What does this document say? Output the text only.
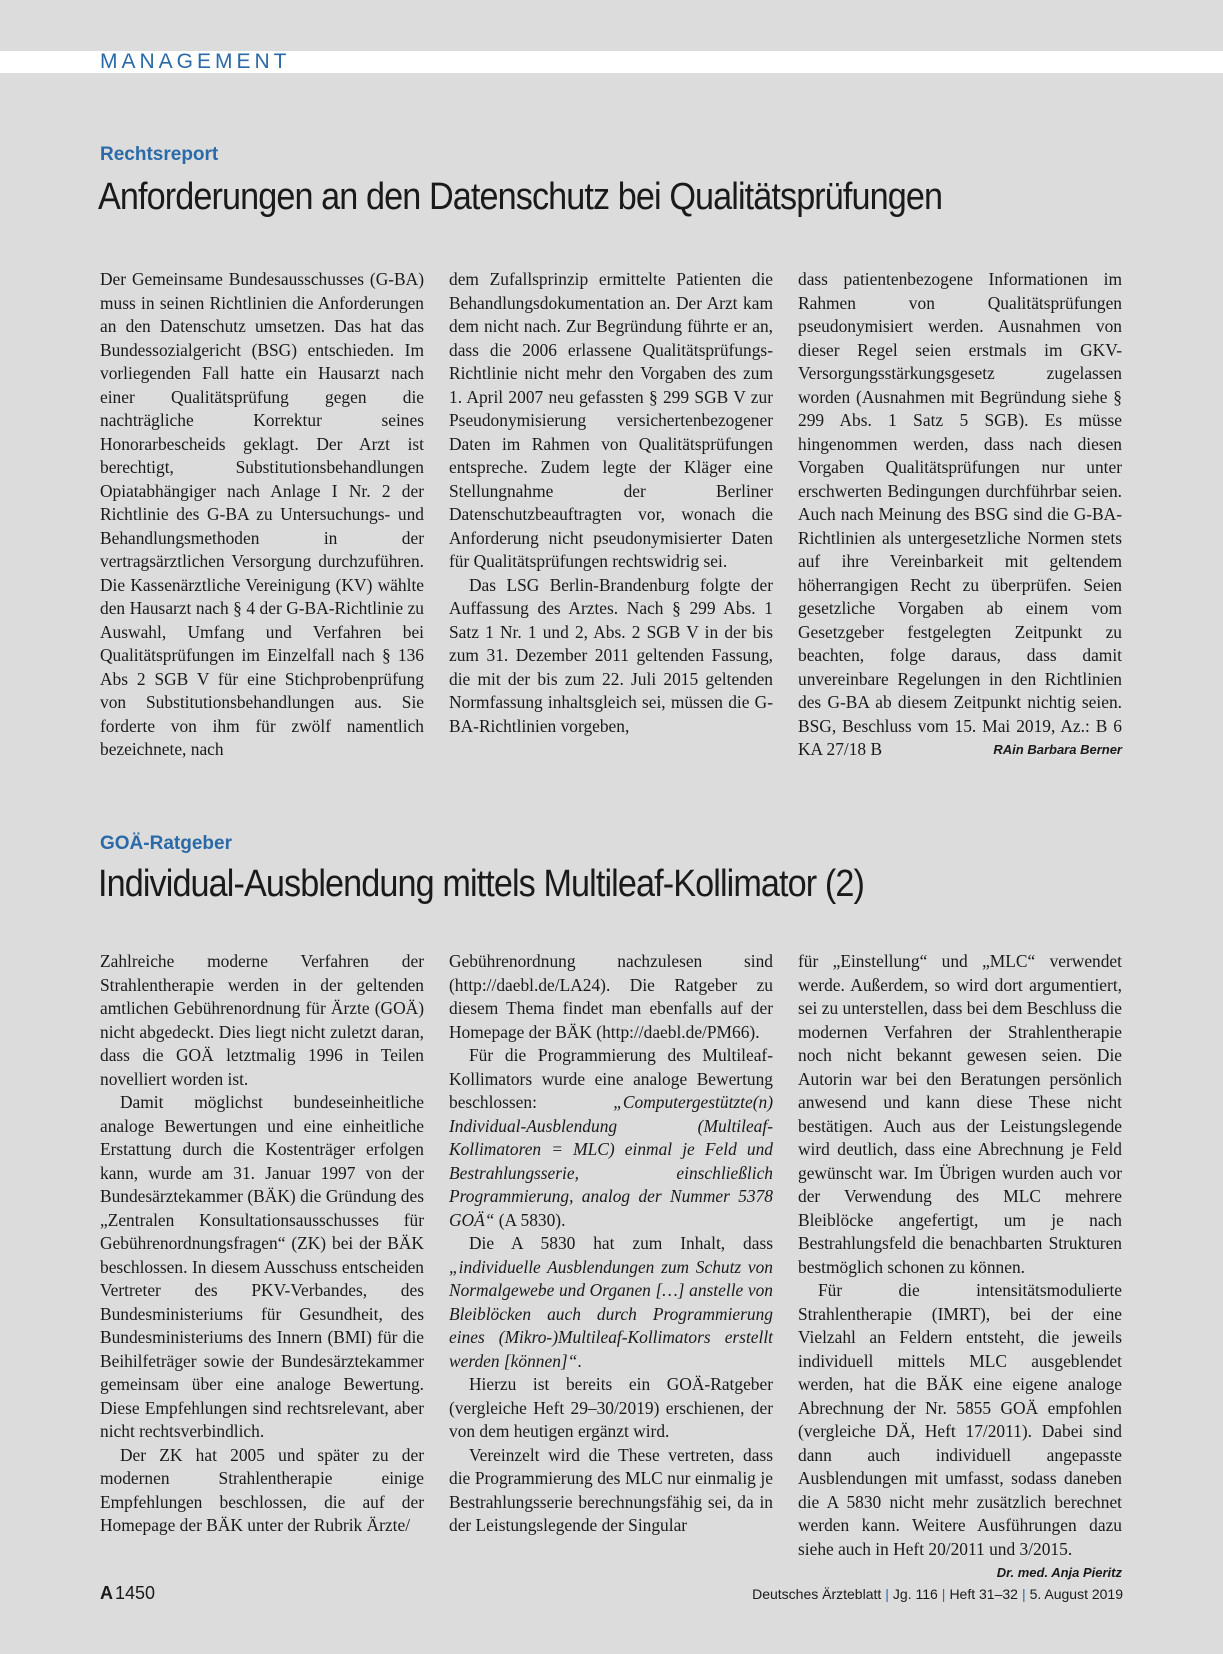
MANAGEMENT
Rechtsreport
Anforderungen an den Datenschutz bei Qualitätsprüfungen

Der Gemeinsame Bundesausschusses (G-BA) muss in seinen Richtlinien die Anforderungen an den Datenschutz umsetzen. Das hat das Bundessozialgericht (BSG) entschieden. Im vorliegenden Fall hatte ein Hausarzt nach einer Qualitätsprüfung gegen die nachträgliche Korrektur seines Honorarbescheids geklagt. Der Arzt ist berechtigt, Substitutionsbehandlungen Opiatabhängiger nach Anlage I Nr. 2 der Richtlinie des G-BA zu Untersuchungs- und Behandlungsmethoden in der vertragsärztlichen Versorgung durchzuführen. Die Kassenärztliche Vereinigung (KV) wählte den Hausarzt nach § 4 der G-BA-Richtlinie zu Auswahl, Umfang und Verfahren bei Qualitätsprüfungen im Einzelfall nach § 136 Abs 2 SGB V für eine Stichprobenprüfung von Substitutionsbehandlungen aus. Sie forderte von ihm für zwölf namentlich bezeichnete, nach

dem Zufallsprinzip ermittelte Patienten die Behandlungsdokumentation an. Der Arzt kam dem nicht nach. Zur Begründung führte er an, dass die 2006 erlassene Qualitätsprüfungs-Richtlinie nicht mehr den Vorgaben des zum 1. April 2007 neu gefassten § 299 SGB V zur Pseudonymisierung versichertenbezogener Daten im Rahmen von Qualitätsprüfungen entspreche. Zudem legte der Kläger eine Stellungnahme der Berliner Datenschutzbeauftragten vor, wonach die Anforderung nicht pseudonymisierter Daten für Qualitätsprüfungen rechtswidrig sei.

Das LSG Berlin-Brandenburg folgte der Auffassung des Arztes. Nach § 299 Abs. 1 Satz 1 Nr. 1 und 2, Abs. 2 SGB V in der bis zum 31. Dezember 2011 geltenden Fassung, die mit der bis zum 22. Juli 2015 geltenden Normfassung inhaltsgleich sei, müssen die G-BA-Richtlinien vorgeben,

dass patientenbezogene Informationen im Rahmen von Qualitätsprüfungen pseudonymisiert werden. Ausnahmen von dieser Regel seien erstmals im GKV-Versorgungsstärkungsgesetz zugelassen worden (Ausnahmen mit Begründung siehe § 299 Abs. 1 Satz 5 SGB). Es müsse hingenommen werden, dass nach diesen Vorgaben Qualitätsprüfungen nur unter erschwerten Bedingungen durchführbar seien. Auch nach Meinung des BSG sind die G-BA-Richtlinien als untergesetzliche Normen stets auf ihre Vereinbarkeit mit geltendem höherrangigen Recht zu überprüfen. Seien gesetzliche Vorgaben ab einem vom Gesetzgeber festgelegten Zeitpunkt zu beachten, folge daraus, dass damit unvereinbare Regelungen in den Richtlinien des G-BA ab diesem Zeitpunkt nichtig seien. BSG, Beschluss vom 15. Mai 2019, Az.: B 6 KA 27/18 B	RAin Barbara Berner

GOÄ-Ratgeber
Individual-Ausblendung mittels Multileaf-Kollimator (2)

Zahlreiche moderne Verfahren der Strahlentherapie werden in der geltenden amtlichen Gebührenordnung für Ärzte (GOÄ) nicht abgedeckt. Dies liegt nicht zuletzt daran, dass die GOÄ letztmalig 1996 in Teilen novelliert worden ist.

Damit möglichst bundeseinheitliche analoge Bewertungen und eine einheitliche Erstattung durch die Kostenträger erfolgen kann, wurde am 31. Januar 1997 von der Bundesärztekammer (BÄK) die Gründung des „Zentralen Konsultationsausschusses für Gebührenordnungsfragen“ (ZK) bei der BÄK beschlossen. In diesem Ausschuss entscheiden Vertreter des PKV-Verbandes, des Bundesministeriums für Gesundheit, des Bundesministeriums des Innern (BMI) für die Beihilfeträger sowie der Bundesärztekammer gemeinsam über eine analoge Bewertung. Diese Empfehlungen sind rechtsrelevant, aber nicht rechtsverbindlich.

Der ZK hat 2005 und später zu der modernen Strahlentherapie einige Empfehlungen beschlossen, die auf der Homepage der BÄK unter der Rubrik Ärzte/

Gebührenordnung nachzulesen sind (http://daebl.de/LA24). Die Ratgeber zu diesem Thema findet man ebenfalls auf der Homepage der BÄK (http://daebl.de/PM66).

Für die Programmierung des Multileaf-Kollimators wurde eine analoge Bewertung beschlossen: „Computergestützte(n) Individual-Ausblendung (Multileaf-Kollimatoren = MLC) einmal je Feld und Bestrahlungsserie, einschließlich Programmierung, analog der Nummer 5378 GOÄ“ (A 5830).

Die A 5830 hat zum Inhalt, dass „individuelle Ausblendungen zum Schutz von Normalgewebe und Organen […] anstelle von Bleiblöcken auch durch Programmierung eines (Mikro-)Multileaf-Kollimators erstellt werden [können]“.

Hierzu ist bereits ein GOÄ-Ratgeber (vergleiche Heft 29–30/2019) erschienen, der von dem heutigen ergänzt wird.

Vereinzelt wird die These vertreten, dass die Programmierung des MLC nur einmalig je Bestrahlungsserie berechnungsfähig sei, da in der Leistungslegende der Singular

für „Einstellung“ und „MLC“ verwendet werde. Außerdem, so wird dort argumentiert, sei zu unterstellen, dass bei dem Beschluss die modernen Verfahren der Strahlentherapie noch nicht bekannt gewesen seien. Die Autorin war bei den Beratungen persönlich anwesend und kann diese These nicht bestätigen. Auch aus der Leistungslegende wird deutlich, dass eine Abrechnung je Feld gewünscht war. Im Übrigen wurden auch vor der Verwendung des MLC mehrere Bleiblöcke angefertigt, um je nach Bestrahlungsfeld die benachbarten Strukturen bestmöglich schonen zu können.

Für die intensitätsmodulierte Strahlentherapie (IMRT), bei der eine Vielzahl an Feldern entsteht, die jeweils individuell mittels MLC ausgeblendet werden, hat die BÄK eine eigene analoge Abrechnung der Nr. 5855 GOÄ empfohlen (vergleiche DÄ, Heft 17/2011). Dabei sind dann auch individuell angepasste Ausblendungen mit umfasst, sodass daneben die A 5830 nicht mehr zusätzlich berechnet werden kann. Weitere Ausführungen dazu siehe auch in Heft 20/2011 und 3/2015.
Dr. med. Anja Pieritz

A 1450	Deutsches Ärzteblatt | Jg. 116 | Heft 31–32 | 5. August 2019
